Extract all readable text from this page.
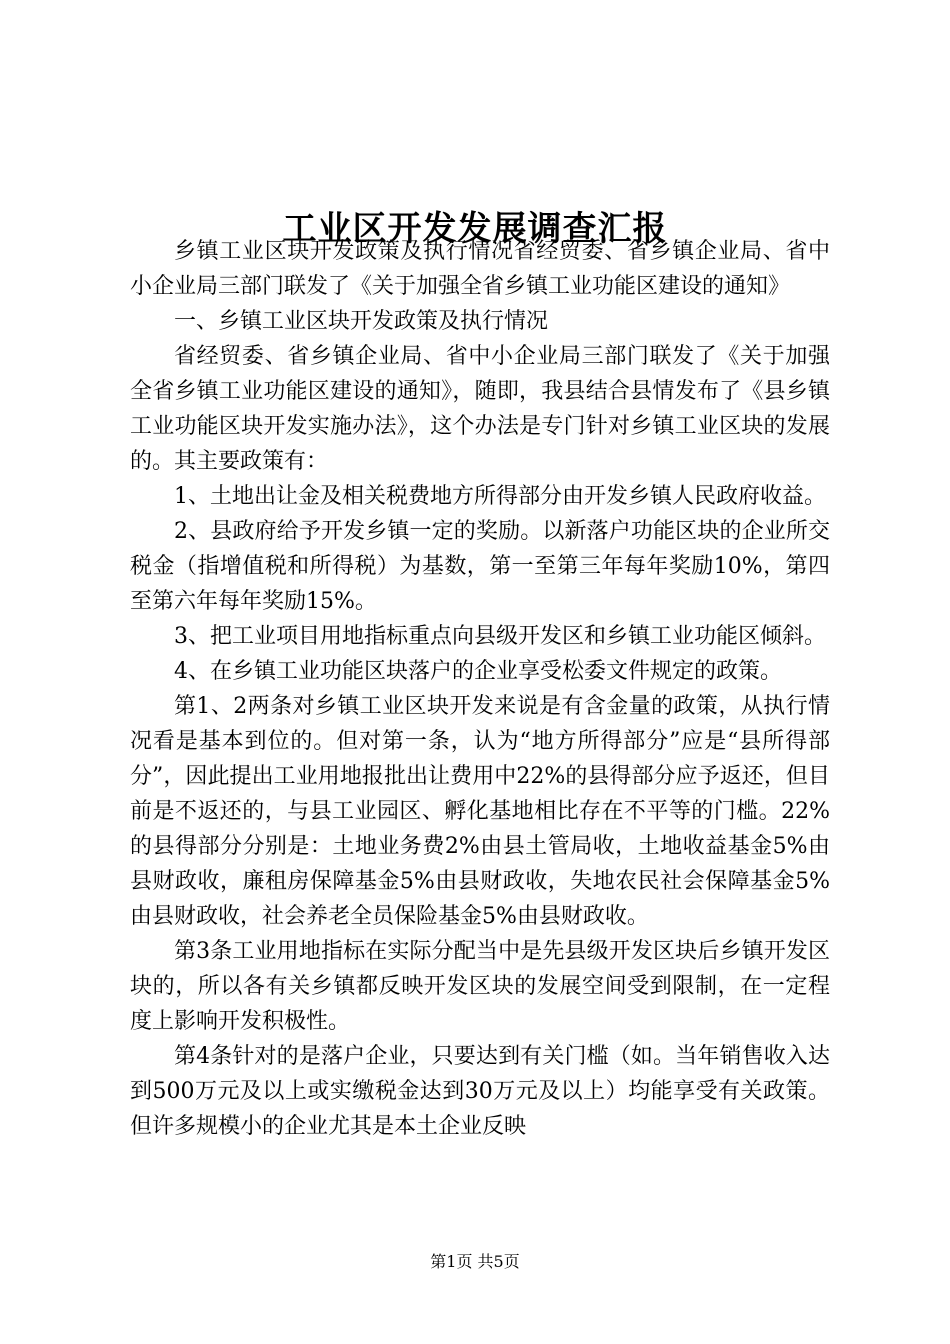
工业区开发发展调查汇报

乡镇工业区块开发政策及执行情况省经贸委、省乡镇企业局、省中小企业局三部门联发了《关于加强全省乡镇工业功能区建设的通知》

一、乡镇工业区块开发政策及执行情况

省经贸委、省乡镇企业局、省中小企业局三部门联发了《关于加强全省乡镇工业功能区建设的通知》，随即，我县结合县情发布了《县乡镇工业功能区块开发实施办法》，这个办法是专门针对乡镇工业区块的发展的。其主要政策有：

1、土地出让金及相关税费地方所得部分由开发乡镇人民政府收益。

2、县政府给予开发乡镇一定的奖励。以新落户功能区块的企业所交税金（指增值税和所得税）为基数，第一至第三年每年奖励10%，第四至第六年每年奖励15%。

3、把工业项目用地指标重点向县级开发区和乡镇工业功能区倾斜。

4、在乡镇工业功能区块落户的企业享受松委文件规定的政策。

第1、2两条对乡镇工业区块开发来说是有含金量的政策，从执行情况看是基本到位的。但对第一条，认为“地方所得部分”应是“县所得部分”，因此提出工业用地报批出让费用中22%的县得部分应予返还，但目前是不返还的，与县工业园区、孵化基地相比存在不平等的门槛。22%的县得部分分别是：土地业务费2%由县土管局收，土地收益基金5%由县财政收，廉租房保障基金5%由县财政收，失地农民社会保障基金5%由县财政收，社会养老全员保险基金5%由县财政收。

第3条工业用地指标在实际分配当中是先县级开发区块后乡镇开发区块的，所以各有关乡镇都反映开发区块的发展空间受到限制，在一定程度上影响开发积极性。

第4条针对的是落户企业，只要达到有关门槛（如。当年销售收入达到500万元及以上或实缴税金达到30万元及以上）均能享受有关政策。但许多规模小的企业尤其是本土企业反映

第1页 共5页
